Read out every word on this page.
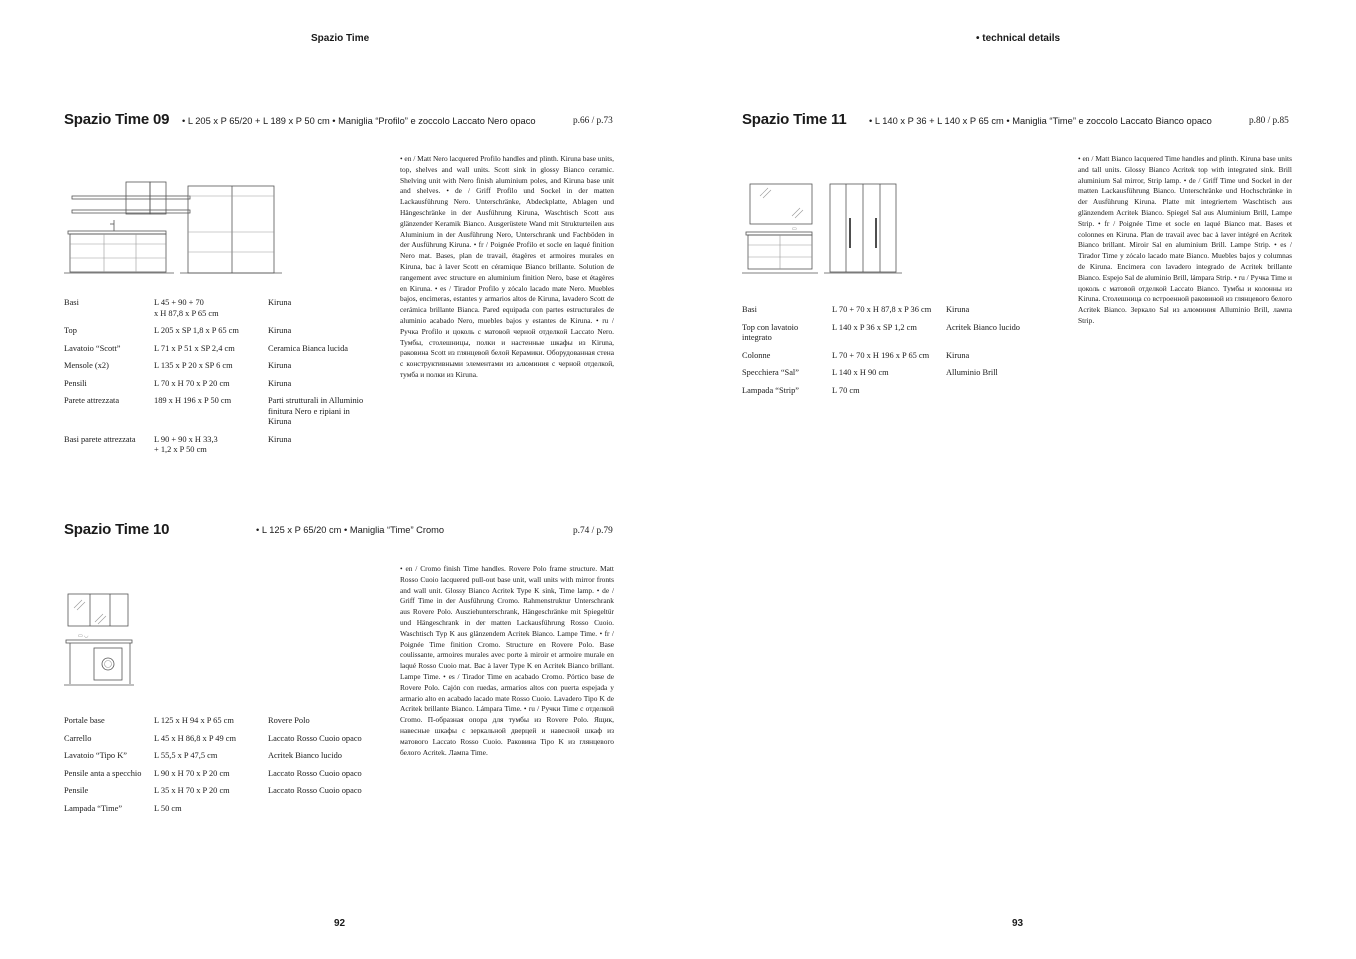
Spazio Time
Spazio Time 09 • L 205 x P 65/20 + L 189 x P 50 cm • Maniglia “Profilo” e zoccolo Laccato Nero opaco	p.66 / p.73
• en / Matt Nero lacquered Profilo handles and plinth. Kiruna base units, top, shelves and wall units. Scott sink in glossy Bianco ceramic. Shelving unit with Nero finish aluminium poles, and Kiruna base unit and shelves. • de / Griff Profilo und Sockel in der matten Lackausführung Nero. Unterschränke, Abdeckplatte, Ablagen und Hängeschränke in der Ausführung Kiruna, Waschtisch Scott aus glänzender Keramik Bianco. Ausgerüstete Wand mit Strukturteilen aus Aluminium in der Ausführung Nero, Unterschrank und Fachböden in der Ausführung Kiruna. • fr / Poignée Profilo et socle en laqué finition Nero mat. Bases, plan de travail, étagères et armoires murales en Kiruna, bac à laver Scott en céramique Bianco brillante. Solution de rangement avec structure en aluminium finition Nero, base et étagères en Kiruna. • es / Tirador Profilo y zócalo lacado mate Nero. Muebles bajos, encimeras, estantes y armarios altos de Kiruna, lavadero Scott de cerámica brillante Bianca. Pared equipada con partes estructurales de aluminio acabado Nero, muebles bajos y estantes de Kiruna. • ru / Ручка Profilo и цоколь с матовой черной отделкой Laccato Nero. Тумбы, столешницы, полки и настенные шкафы из Kiruna, раковина Scott из глянцевой белой Керамики. Оборудованная стена с конструктивными элементами из алюминия с черной отделкой, тумба и полки из Kiruna.
Basi	L 45 + 90 + 70
x H 87,8 x P 65 cm	Kiruna
Top	L 205 x SP 1,8 x P 65 cm	Kiruna
Lavatoio “Scott”	L 71 x P 51 x SP 2,4 cm	Ceramica Bianca lucida
Mensole (x2)	L 135 x P 20 x SP 6 cm	Kiruna
Pensili	L 70 x H 70 x P 20 cm	Kiruna
Parete attrezzata	189 x H 196 x P 50 cm	Parti strutturali in Alluminio
finitura Nero e ripiani in
Kiruna
Basi parete attrezzata	L 90 + 90 x H 33,3
+ 1,2 x P 50 cm	Kiruna
Spazio Time 10	• L 125 x P 65/20 cm • Maniglia “Time” Cromo	p.74 / p.79
▭ ◡
• en / Cromo finish Time handles. Rovere Polo frame structure. Matt Rosso Cuoio lacquered pull-out base unit, wall units with mirror fronts and wall unit. Glossy Bianco Acritek Type K sink, Time lamp. • de / Griff Time in der Ausführung Cromo. Rahmenstruktur Unterschrank aus Rovere Polo. Ausziehunterschrank, Hängeschränke mit Spiegeltür und Hängeschrank in der matten Lackausführung Rosso Cuoio. Waschtisch Typ K aus glänzendem Acritek Bianco. Lampe Time. • fr / Poignée Time finition Cromo. Structure en Rovere Polo. Base coulissante, armoires murales avec porte à miroir et armoire murale en laqué Rosso Cuoio mat. Bac à laver Type K en Acritek Bianco brillant. Lampe Time. • es / Tirador Time en acabado Cromo. Pórtico base de Rovere Polo. Cajón con ruedas, armarios altos con puerta espejada y armario alto en acabado lacado mate Rosso Cuoio. Lavadero Tipo K de Acritek brillante Bianco. Lámpara Time. • ru / Ручки Time с отделкой Cromo. П-образная опора для тумбы из Rovere Polo. Ящик, навесные шкафы с зеркальной дверцей и навесной шкаф из матового Laccato Rosso Cuoio. Раковина Tipo K из глянцевого белого Acritek. Лампа Time.
Portale base	L 125 x H 94 x P 65 cm	Rovere Polo
Carrello	L 45 x H 86,8 x P 49 cm	Laccato Rosso Cuoio opaco
Lavatoio “Tipo K”	L 55,5 x P 47,5 cm	Acritek Bianco lucido
Pensile anta a specchio	L 90 x H 70 x P 20 cm	Laccato Rosso Cuoio opaco
Pensile	L 35 x H 70 x P 20 cm	Laccato Rosso Cuoio opaco
Lampada “Time”	L 50 cm	
92
• technical details
Spazio Time 11 • L 140 x P 36 + L 140 x P 65 cm • Maniglia “Time” e zoccolo Laccato Bianco opaco	p.80 / p.85
▭
• en / Matt Bianco lacquered Time handles and plinth. Kiruna base units and tall units. Glossy Bianco Acritek top with integrated sink. Brill aluminium Sal mirror, Strip lamp. • de / Griff Time und Sockel in der matten Lackausführung Bianco. Unterschränke und Hochschränke in der Ausführung Kiruna. Platte mit integriertem Waschtisch aus glänzendem Acritek Bianco. Spiegel Sal aus Aluminium Brill, Lampe Strip. • fr / Poignée Time et socle en laqué Bianco mat. Bases et colonnes en Kiruna. Plan de travail avec bac à laver intégré en Acritek Bianco brillant. Miroir Sal en aluminium Brill. Lampe Strip. • es / Tirador Time y zócalo lacado mate Bianco. Muebles bajos y columnas de Kiruna. Encimera con lavadero integrado de Acritek brillante Bianco. Espejo Sal de aluminio Brill, lámpara Strip. • ru / Ручка Time и цоколь с матовой отделкой Laccato Bianco. Тумбы и колонны из Kiruna. Столешница со встроенной раковиной из глянцевого белого Acritek Bianco. Зеркало Sal из алюминия Alluminio Brill, лампа Strip.
Basi	L 70 + 70 x H 87,8 x P 36 cm	Kiruna
Top con lavatoio
integrato	L 140 x P 36 x SP 1,2 cm	Acritek Bianco lucido
Colonne	L 70 + 70 x H 196 x P 65 cm	Kiruna
Specchiera “Sal”	L 140 x H 90 cm	Alluminio Brill
Lampada “Strip”	L 70 cm	
93
